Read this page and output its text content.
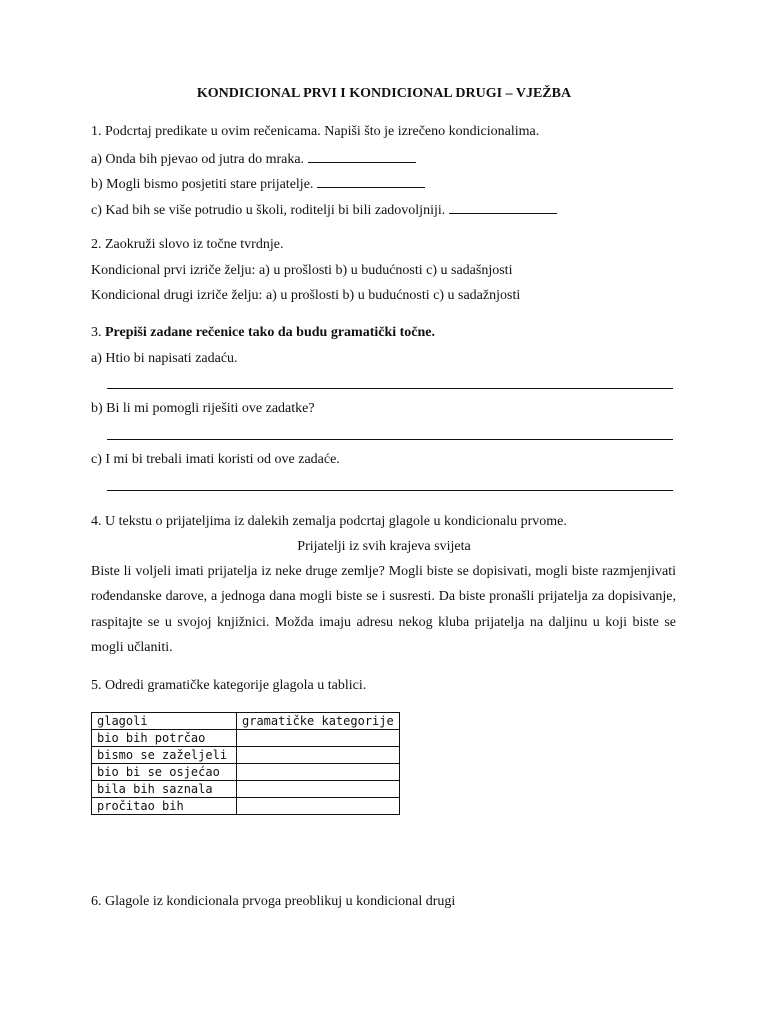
KONDICIONAL PRVI I KONDICIONAL DRUGI – VJEŽBA
1. Podcrtaj predikate u ovim rečenicama. Napiši što je izrečeno kondicionalima.
a) Onda bih pjevao od jutra do mraka.
b) Mogli bismo posjetiti stare prijatelje.
c) Kad bih se više potrudio u školi, roditelji bi bili zadovoljniji.
2. Zaokruži slovo iz točne tvrdnje.
Kondicional prvi izriče želju: a) u prošlosti b) u budućnosti c) u sadašnjosti
Kondicional drugi izriče želju: a) u prošlosti b) u budućnosti c) u sadažnjosti
3. Prepiši zadane rečenice tako da budu gramatički točne.
a) Htio bi napisati zadaću.
b) Bi li mi pomogli riješiti ove zadatke?
c) I mi bi trebali imati koristi od ove zadaće.
4. U tekstu o prijateljima iz dalekih zemalja podcrtaj glagole u kondicionalu prvome.
Prijatelji iz svih krajeva svijeta
Biste li voljeli imati prijatelja iz neke druge zemlje? Mogli biste se dopisivati, mogli biste razmjenjivati rođendanske darove, a jednoga dana mogli biste se i susresti. Da biste pronašli prijatelja za dopisivanje, raspitajte se u svojoj knjižnici. Možda imaju adresu nekog kluba prijatelja na daljinu u koji biste se mogli učlaniti.
5. Odredi gramatičke kategorije glagola u tablici.
glagoli	gramatičke kategorije
bio bih potrčao	
bismo se zaželjeli	
bio bi se osjećao	
bila bih saznala	
pročitao bih	
6. Glagole iz kondicionala prvoga preoblikuj u kondicional drugi
